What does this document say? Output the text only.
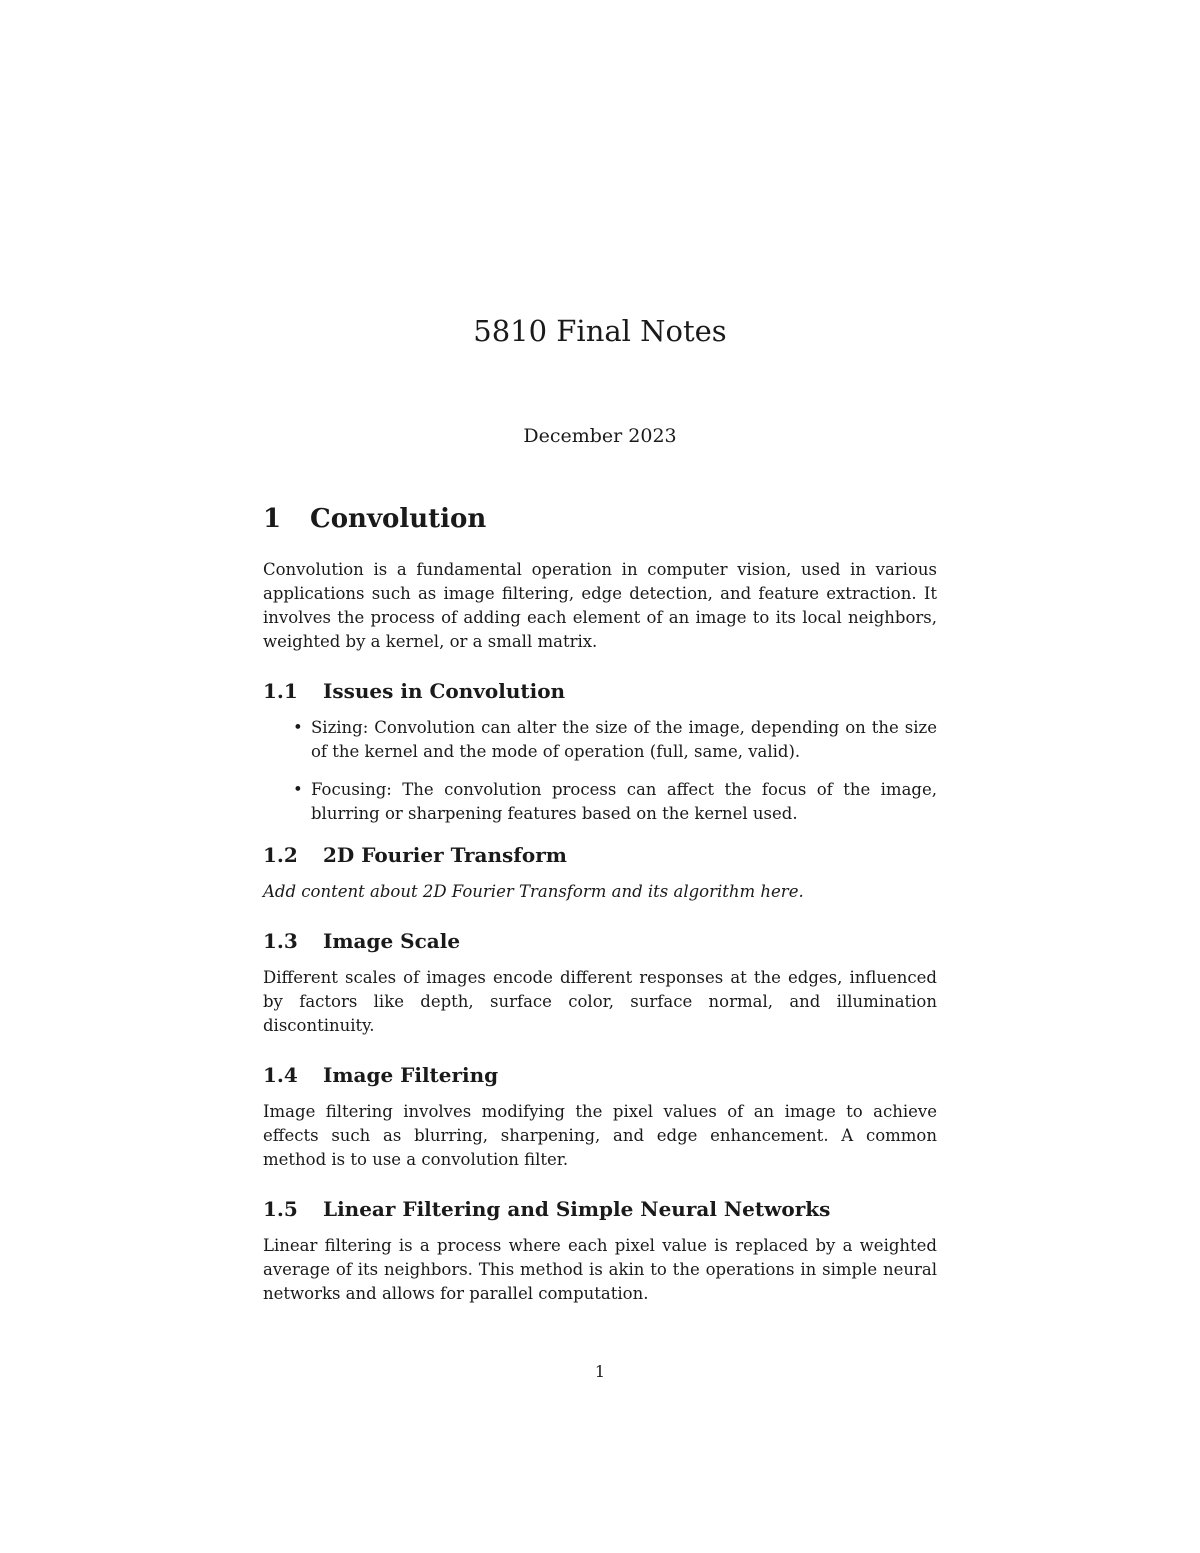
5810 Final Notes
December 2023
1 Convolution

Convolution is a fundamental operation in computer vision, used in various applications such as image filtering, edge detection, and feature extraction. It involves the process of adding each element of an image to its local neighbors, weighted by a kernel, or a small matrix.

1.1 Issues in Convolution
• Sizing: Convolution can alter the size of the image, depending on the size of the kernel and the mode of operation (full, same, valid).
• Focusing: The convolution process can affect the focus of the image, blurring or sharpening features based on the kernel used.
1.2 2D Fourier Transform

Add content about 2D Fourier Transform and its algorithm here.

1.3 Image Scale

Different scales of images encode different responses at the edges, influenced by factors like depth, surface color, surface normal, and illumination discontinuity.

1.4 Image Filtering

Image filtering involves modifying the pixel values of an image to achieve effects such as blurring, sharpening, and edge enhancement. A common method is to use a convolution filter.

1.5 Linear Filtering and Simple Neural Networks

Linear filtering is a process where each pixel value is replaced by a weighted average of its neighbors. This method is akin to the operations in simple neural networks and allows for parallel computation.

1
